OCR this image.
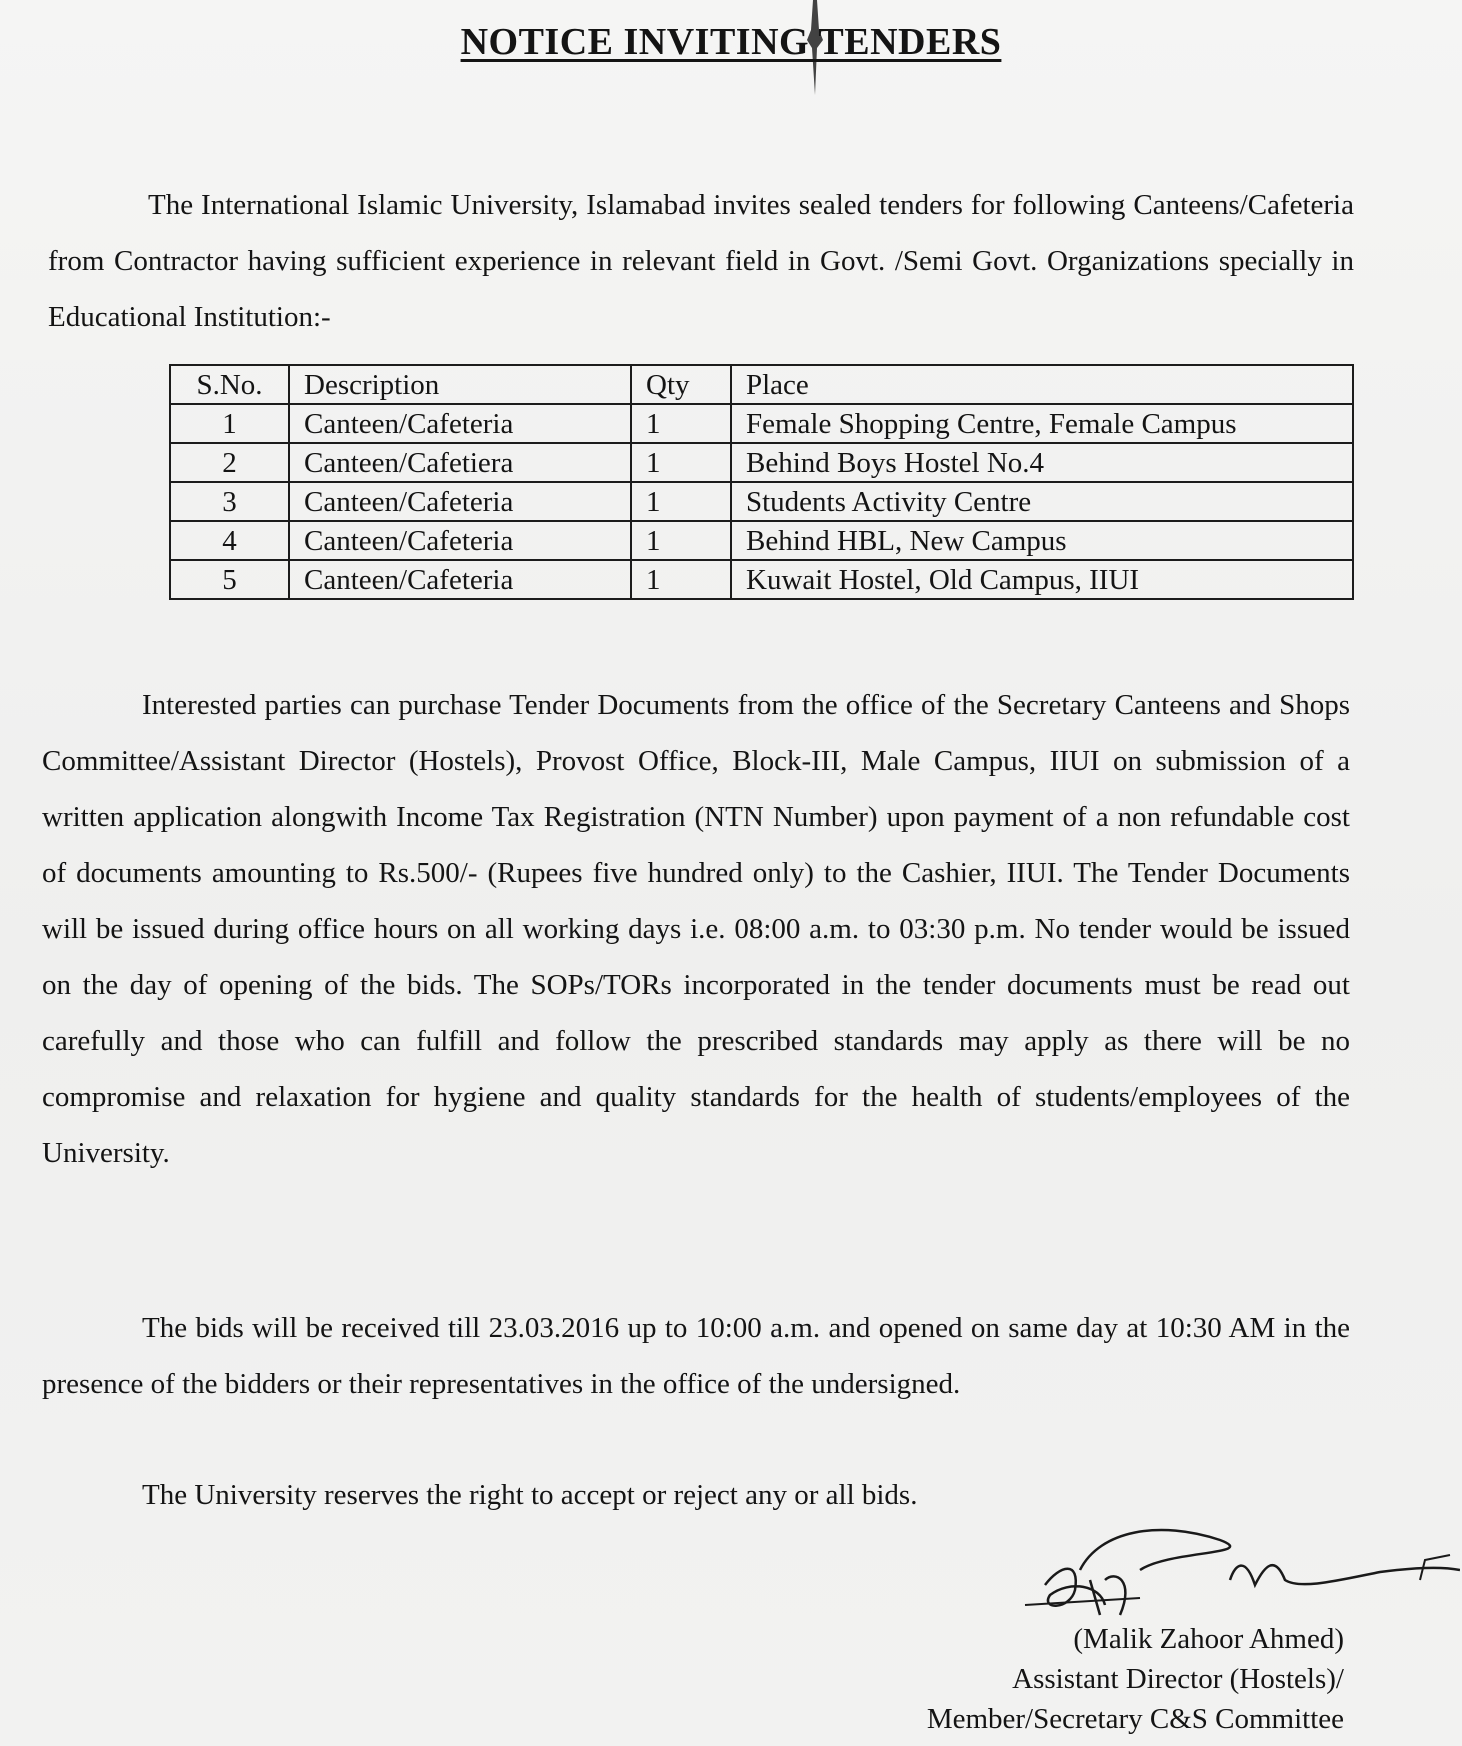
NOTICE INVITING TENDERS

The International Islamic University, Islamabad invites sealed tenders for following Canteens/Cafeteria from Contractor having sufficient experience in relevant field in Govt. /Semi Govt. Organizations specially in Educational Institution:-

S.No.	Description	Qty	Place
1	Canteen/Cafeteria	1	Female Shopping Centre, Female Campus
2	Canteen/Cafetiera	1	Behind Boys Hostel No.4
3	Canteen/Cafeteria	1	Students Activity Centre
4	Canteen/Cafeteria	1	Behind HBL, New Campus
5	Canteen/Cafeteria	1	Kuwait Hostel, Old Campus, IIUI

Interested parties can purchase Tender Documents from the office of the Secretary Canteens and Shops Committee/Assistant Director (Hostels), Provost Office, Block-III, Male Campus, IIUI on submission of a written application alongwith Income Tax Registration (NTN Number) upon payment of a non refundable cost of documents amounting to Rs.500/- (Rupees five hundred only) to the Cashier, IIUI. The Tender Documents will be issued during office hours on all working days i.e. 08:00 a.m. to 03:30 p.m. No tender would be issued on the day of opening of the bids. The SOPs/TORs incorporated in the tender documents must be read out carefully and those who can fulfill and follow the prescribed standards may apply as there will be no compromise and relaxation for hygiene and quality standards for the health of students/employees of the University.

The bids will be received till 23.03.2016 up to 10:00 a.m. and opened on same day at 10:30 AM in the presence of the bidders or their representatives in the office of the undersigned.

The University reserves the right to accept or reject any or all bids.

(Malik Zahoor Ahmed)
Assistant Director (Hostels)/
Member/Secretary C&S Committee
